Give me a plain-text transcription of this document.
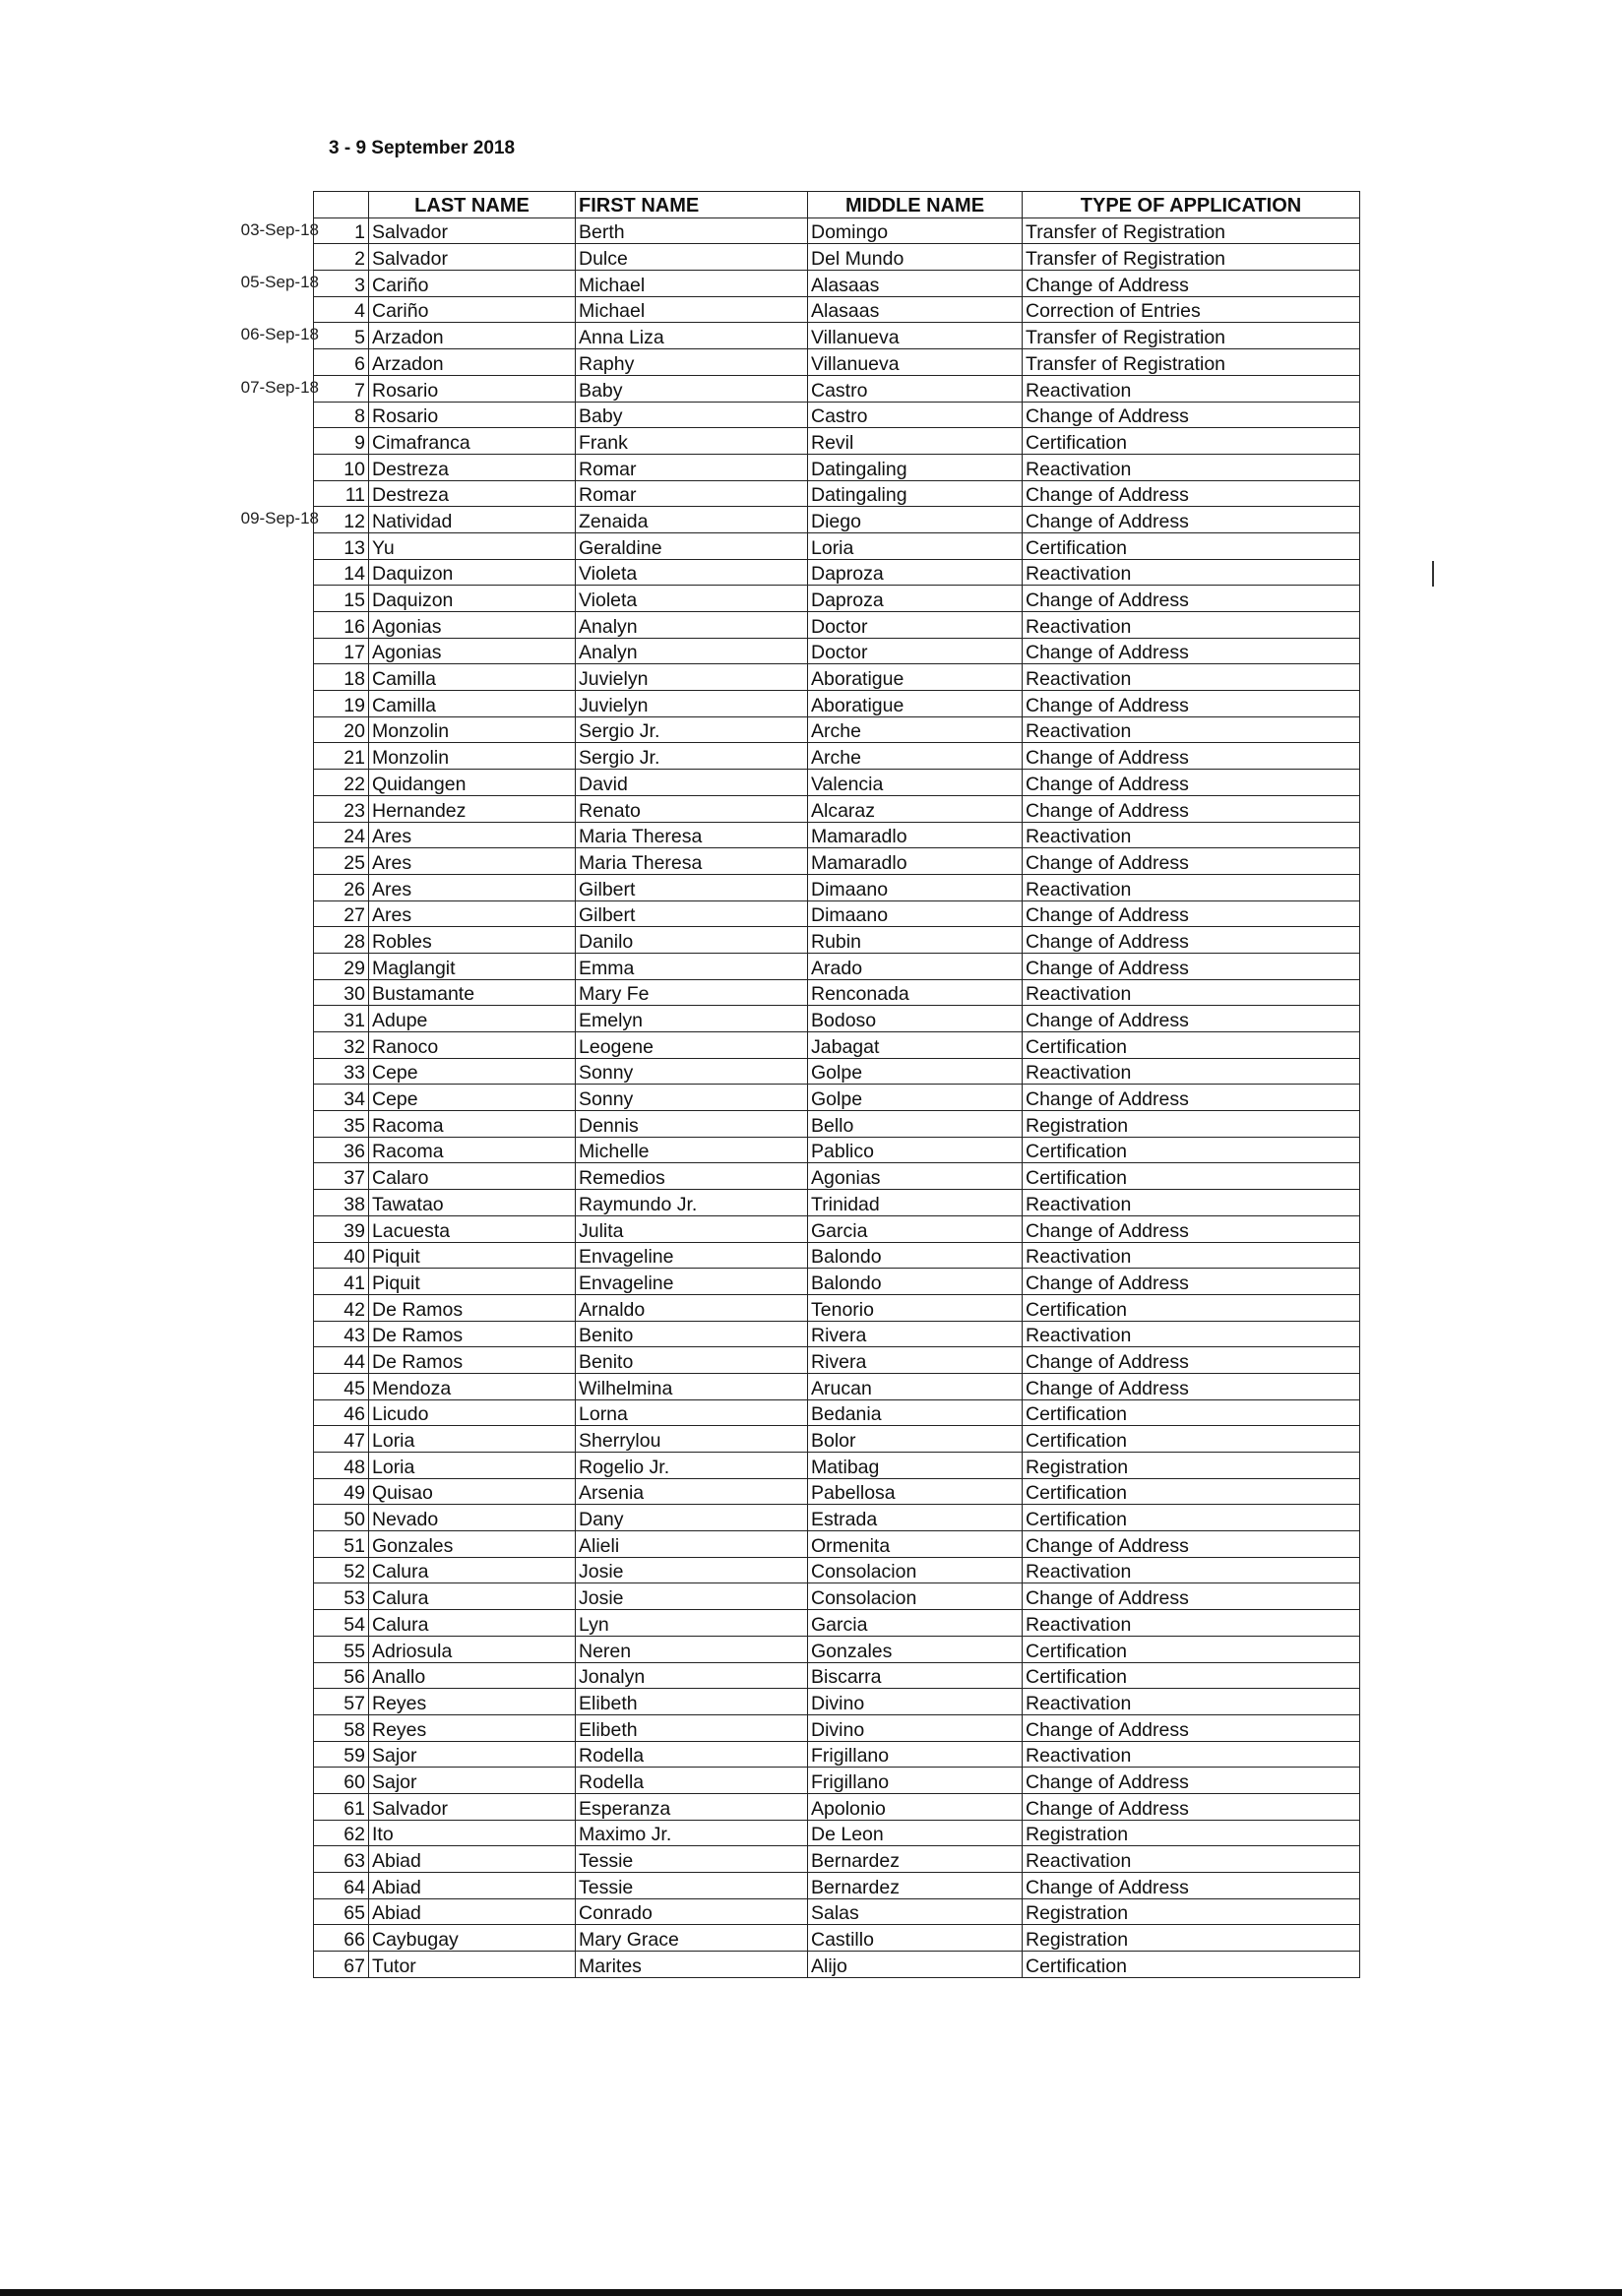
3 - 9 September 2018
03-Sep-18
05-Sep-18
06-Sep-18
07-Sep-18
09-Sep-18
	LAST NAME	FIRST NAME	MIDDLE NAME	TYPE OF APPLICATION
1	Salvador	Berth	Domingo	Transfer of Registration
2	Salvador	Dulce	Del Mundo	Transfer of Registration
3	Cariño	Michael	Alasaas	Change of Address
4	Cariño	Michael	Alasaas	Correction of Entries
5	Arzadon	Anna Liza	Villanueva	Transfer of Registration
6	Arzadon	Raphy	Villanueva	Transfer of Registration
7	Rosario	Baby	Castro	Reactivation
8	Rosario	Baby	Castro	Change of Address
9	Cimafranca	Frank	Revil	Certification
10	Destreza	Romar	Datingaling	Reactivation
11	Destreza	Romar	Datingaling	Change of Address
12	Natividad	Zenaida	Diego	Change of Address
13	Yu	Geraldine	Loria	Certification
14	Daquizon	Violeta	Daproza	Reactivation
15	Daquizon	Violeta	Daproza	Change of Address
16	Agonias	Analyn	Doctor	Reactivation
17	Agonias	Analyn	Doctor	Change of Address
18	Camilla	Juvielyn	Aboratigue	Reactivation
19	Camilla	Juvielyn	Aboratigue	Change of Address
20	Monzolin	Sergio Jr.	Arche	Reactivation
21	Monzolin	Sergio Jr.	Arche	Change of Address
22	Quidangen	David	Valencia	Change of Address
23	Hernandez	Renato	Alcaraz	Change of Address
24	Ares	Maria Theresa	Mamaradlo	Reactivation
25	Ares	Maria Theresa	Mamaradlo	Change of Address
26	Ares	Gilbert	Dimaano	Reactivation
27	Ares	Gilbert	Dimaano	Change of Address
28	Robles	Danilo	Rubin	Change of Address
29	Maglangit	Emma	Arado	Change of Address
30	Bustamante	Mary Fe	Renconada	Reactivation
31	Adupe	Emelyn	Bodoso	Change of Address
32	Ranoco	Leogene	Jabagat	Certification
33	Cepe	Sonny	Golpe	Reactivation
34	Cepe	Sonny	Golpe	Change of Address
35	Racoma	Dennis	Bello	Registration
36	Racoma	Michelle	Pablico	Certification
37	Calaro	Remedios	Agonias	Certification
38	Tawatao	Raymundo Jr.	Trinidad	Reactivation
39	Lacuesta	Julita	Garcia	Change of Address
40	Piquit	Envageline	Balondo	Reactivation
41	Piquit	Envageline	Balondo	Change of Address
42	De Ramos	Arnaldo	Tenorio	Certification
43	De Ramos	Benito	Rivera	Reactivation
44	De Ramos	Benito	Rivera	Change of Address
45	Mendoza	Wilhelmina	Arucan	Change of Address
46	Licudo	Lorna	Bedania	Certification
47	Loria	Sherrylou	Bolor	Certification
48	Loria	Rogelio Jr.	Matibag	Registration
49	Quisao	Arsenia	Pabellosa	Certification
50	Nevado	Dany	Estrada	Certification
51	Gonzales	Alieli	Ormenita	Change of Address
52	Calura	Josie	Consolacion	Reactivation
53	Calura	Josie	Consolacion	Change of Address
54	Calura	Lyn	Garcia	Reactivation
55	Adriosula	Neren	Gonzales	Certification
56	Anallo	Jonalyn	Biscarra	Certification
57	Reyes	Elibeth	Divino	Reactivation
58	Reyes	Elibeth	Divino	Change of Address
59	Sajor	Rodella	Frigillano	Reactivation
60	Sajor	Rodella	Frigillano	Change of Address
61	Salvador	Esperanza	Apolonio	Change of Address
62	Ito	Maximo Jr.	De Leon	Registration
63	Abiad	Tessie	Bernardez	Reactivation
64	Abiad	Tessie	Bernardez	Change of Address
65	Abiad	Conrado	Salas	Registration
66	Caybugay	Mary Grace	Castillo	Registration
67	Tutor	Marites	Alijo	Certification
